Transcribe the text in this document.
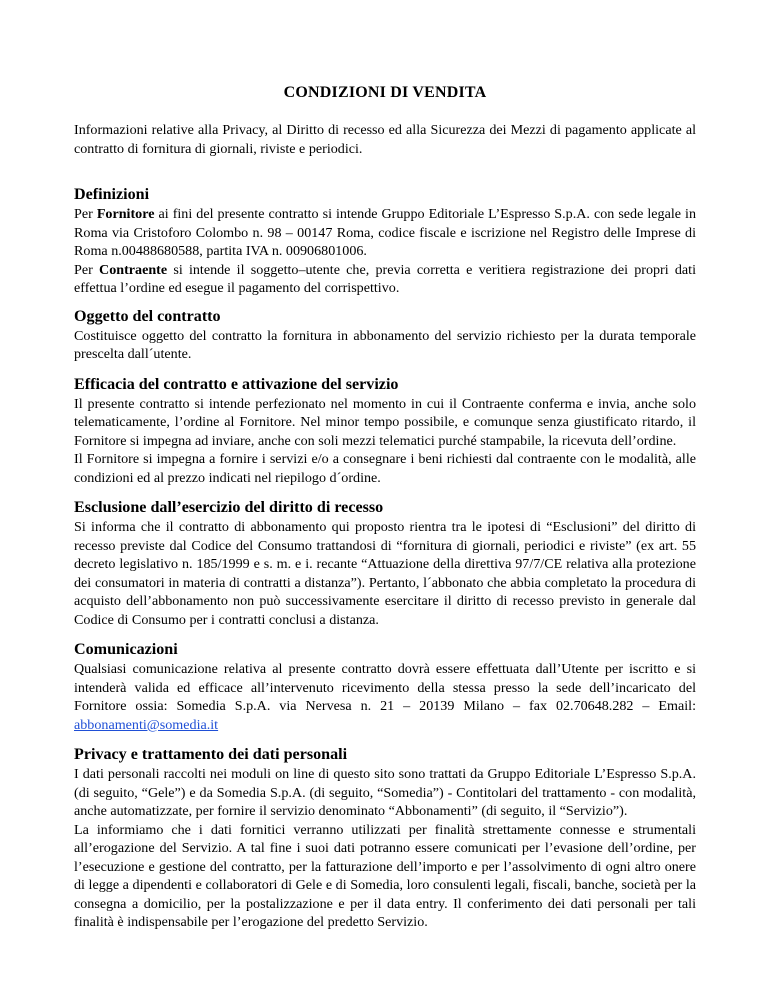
CONDIZIONI DI VENDITA

Informazioni relative alla Privacy, al Diritto di recesso ed alla Sicurezza dei Mezzi di pagamento applicate al contratto di fornitura di giornali, riviste e periodici.

Definizioni

Per Fornitore ai fini del presente contratto si intende Gruppo Editoriale L’Espresso S.p.A. con sede legale in Roma via Cristoforo Colombo n. 98 – 00147 Roma, codice fiscale e iscrizione nel Registro delle Imprese di Roma n.00488680588, partita IVA n. 00906801006.

Per Contraente si intende il soggetto–utente che, previa corretta e veritiera registrazione dei propri dati effettua l’ordine ed esegue il pagamento del corrispettivo.

Oggetto del contratto

Costituisce oggetto del contratto la fornitura in abbonamento del servizio richiesto per la durata temporale prescelta dall´utente.

Efficacia del contratto e attivazione del servizio

Il presente contratto si intende perfezionato nel momento in cui il Contraente conferma e invia, anche solo telematicamente, l’ordine al Fornitore. Nel minor tempo possibile, e comunque senza giustificato ritardo, il Fornitore si impegna ad inviare, anche con soli mezzi telematici purché stampabile, la ricevuta dell’ordine.

Il Fornitore si impegna a fornire i servizi e/o a consegnare i beni richiesti dal contraente con le modalità, alle condizioni ed al prezzo indicati nel riepilogo d´ordine.

Esclusione dall’esercizio del diritto di recesso

Si informa che il contratto di abbonamento qui proposto rientra tra le ipotesi di “Esclusioni” del diritto di recesso previste dal Codice del Consumo trattandosi di “fornitura di giornali, periodici e riviste” (ex art. 55 decreto legislativo n. 185/1999 e s. m. e i. recante “Attuazione della direttiva 97/7/CE relativa alla protezione dei consumatori in materia di contratti a distanza”). Pertanto, l´abbonato che abbia completato la procedura di acquisto dell’abbonamento non può successivamente esercitare il diritto di recesso previsto in generale dal Codice di Consumo per i contratti conclusi a distanza.

Comunicazioni

Qualsiasi comunicazione relativa al presente contratto dovrà essere effettuata dall’Utente per iscritto e si intenderà valida ed efficace all’intervenuto ricevimento della stessa presso la sede dell’incaricato del Fornitore ossia: Somedia S.p.A. via Nervesa n. 21 – 20139 Milano – fax 02.70648.282 – Email: abbonamenti@somedia.it

Privacy e trattamento dei dati personali

I dati personali raccolti nei moduli on line di questo sito sono trattati da Gruppo Editoriale L’Espresso S.p.A. (di seguito, “Gele”) e da Somedia S.p.A. (di seguito, “Somedia”) - Contitolari del trattamento - con modalità, anche automatizzate, per fornire il servizio denominato “Abbonamenti” (di seguito, il “Servizio”).

La informiamo che i dati fornitici verranno utilizzati per finalità strettamente connesse e strumentali all’erogazione del Servizio. A tal fine i suoi dati potranno essere comunicati per l’evasione dell’ordine, per l’esecuzione e gestione del contratto, per la fatturazione dell’importo e per l’assolvimento di ogni altro onere di legge a dipendenti e collaboratori di Gele e di Somedia, loro consulenti legali, fiscali, banche, società per la consegna a domicilio, per la postalizzazione e per il data entry. Il conferimento dei dati personali per tali finalità è indispensabile per l’erogazione del predetto Servizio.
